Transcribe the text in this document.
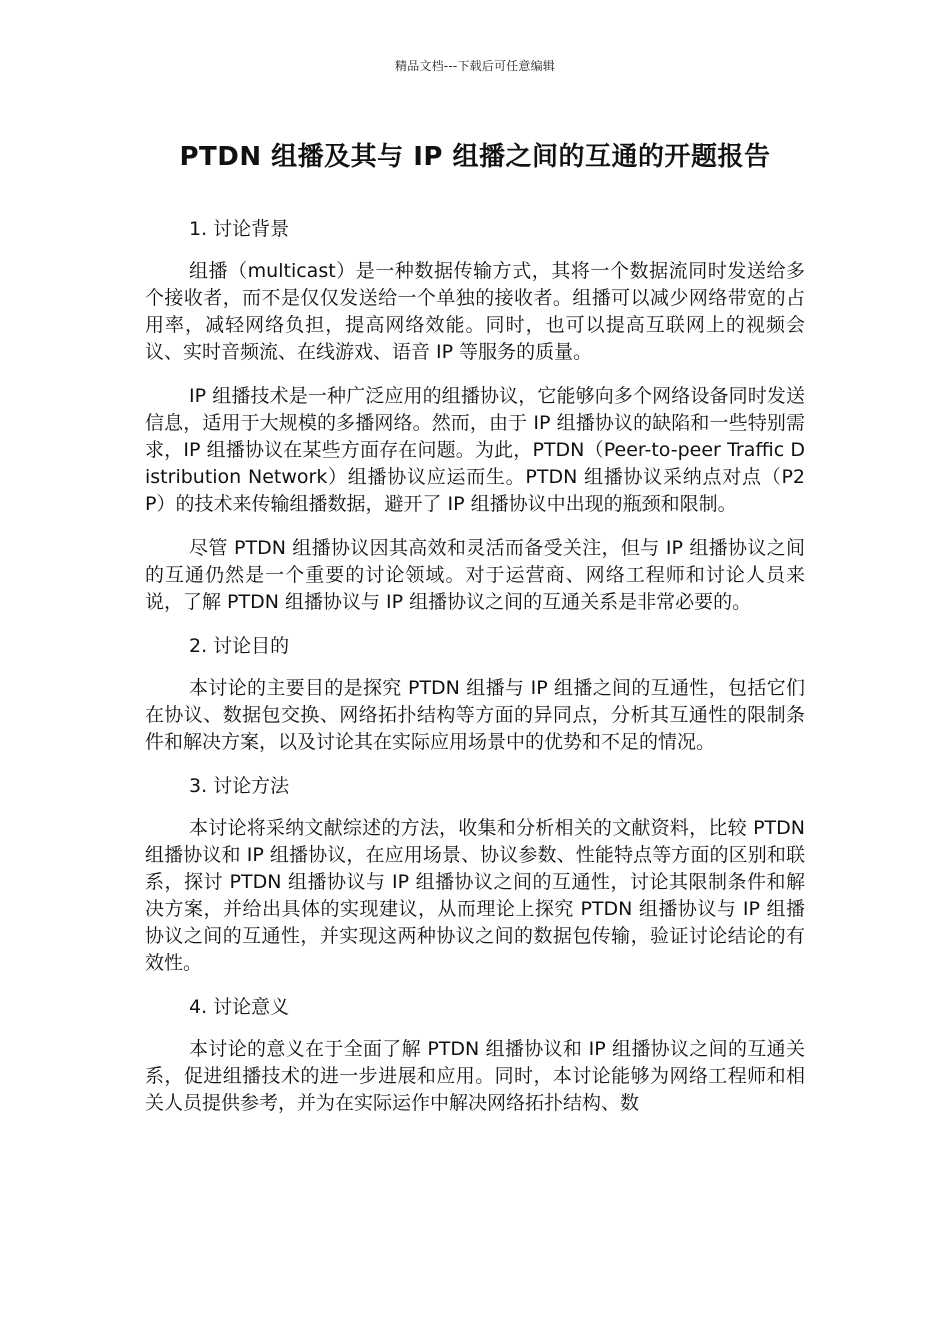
精品文档---下载后可任意编辑
PTDN 组播及其与 IP 组播之间的互通的开题报告
1. 讨论背景

组播（multicast）是一种数据传输方式，其将一个数据流同时发送给多个接收者，而不是仅仅发送给一个单独的接收者。组播可以减少网络带宽的占用率，减轻网络负担，提高网络效能。同时，也可以提高互联网上的视频会议、实时音频流、在线游戏、语音 IP 等服务的质量。

IP 组播技术是一种广泛应用的组播协议，它能够向多个网络设备同时发送信息，适用于大规模的多播网络。然而，由于 IP 组播协议的缺陷和一些特别需求，IP 组播协议在某些方面存在问题。为此，PTDN（Peer-to-peer Traffic Distribution Network）组播协议应运而生。PTDN 组播协议采纳点对点（P2P）的技术来传输组播数据，避开了 IP 组播协议中出现的瓶颈和限制。

尽管 PTDN 组播协议因其高效和灵活而备受关注，但与 IP 组播协议之间的互通仍然是一个重要的讨论领域。对于运营商、网络工程师和讨论人员来说，了解 PTDN 组播协议与 IP 组播协议之间的互通关系是非常必要的。

2. 讨论目的

本讨论的主要目的是探究 PTDN 组播与 IP 组播之间的互通性，包括它们在协议、数据包交换、网络拓扑结构等方面的异同点，分析其互通性的限制条件和解决方案，以及讨论其在实际应用场景中的优势和不足的情况。

3. 讨论方法

本讨论将采纳文献综述的方法，收集和分析相关的文献资料，比较 PTDN 组播协议和 IP 组播协议，在应用场景、协议参数、性能特点等方面的区别和联系，探讨 PTDN 组播协议与 IP 组播协议之间的互通性，讨论其限制条件和解决方案，并给出具体的实现建议，从而理论上探究 PTDN 组播协议与 IP 组播协议之间的互通性，并实现这两种协议之间的数据包传输，验证讨论结论的有效性。

4. 讨论意义

本讨论的意义在于全面了解 PTDN 组播协议和 IP 组播协议之间的互通关系，促进组播技术的进一步进展和应用。同时，本讨论能够为网络工程师和相关人员提供参考，并为在实际运作中解决网络拓扑结构、数
